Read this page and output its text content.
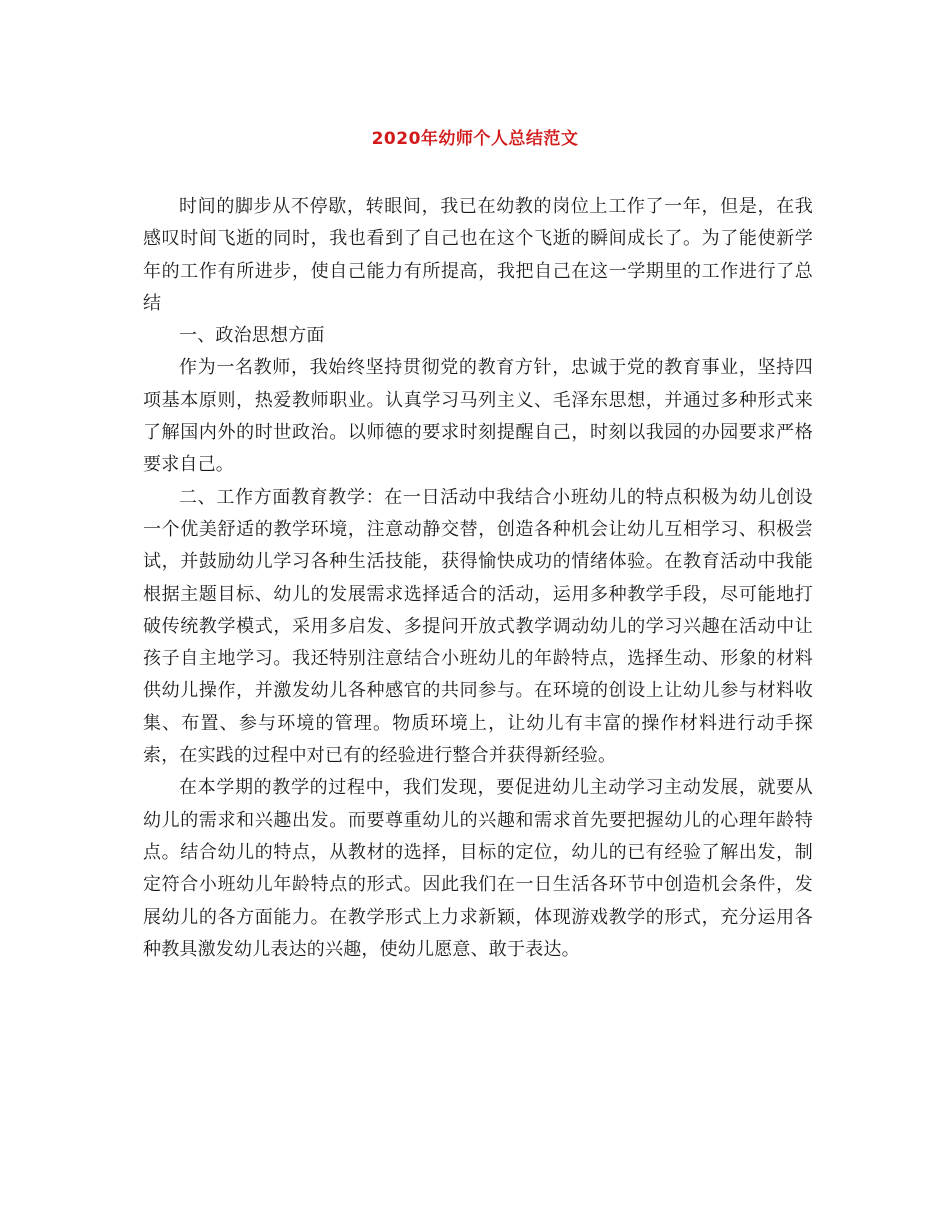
2020年幼师个人总结范文

时间的脚步从不停歇，转眼间，我已在幼教的岗位上工作了一年，但是，在我感叹时间飞逝的同时，我也看到了自己也在这个飞逝的瞬间成长了。为了能使新学年的工作有所进步，使自己能力有所提高，我把自己在这一学期里的工作进行了总结

一、政治思想方面

作为一名教师，我始终坚持贯彻党的教育方针，忠诚于党的教育事业，坚持四项基本原则，热爱教师职业。认真学习马列主义、毛泽东思想，并通过多种形式来了解国内外的时世政治。以师德的要求时刻提醒自己，时刻以我园的办园要求严格要求自己。

二、工作方面教育教学：在一日活动中我结合小班幼儿的特点积极为幼儿创设一个优美舒适的教学环境，注意动静交替，创造各种机会让幼儿互相学习、积极尝试，并鼓励幼儿学习各种生活技能，获得愉快成功的情绪体验。在教育活动中我能根据主题目标、幼儿的发展需求选择适合的活动，运用多种教学手段，尽可能地打破传统教学模式，采用多启发、多提问开放式教学调动幼儿的学习兴趣在活动中让孩子自主地学习。我还特别注意结合小班幼儿的年龄特点，选择生动、形象的材料供幼儿操作，并激发幼儿各种感官的共同参与。在环境的创设上让幼儿参与材料收集、布置、参与环境的管理。物质环境上，让幼儿有丰富的操作材料进行动手探索，在实践的过程中对已有的经验进行整合并获得新经验。

在本学期的教学的过程中，我们发现，要促进幼儿主动学习主动发展，就要从幼儿的需求和兴趣出发。而要尊重幼儿的兴趣和需求首先要把握幼儿的心理年龄特点。结合幼儿的特点，从教材的选择，目标的定位，幼儿的已有经验了解出发，制定符合小班幼儿年龄特点的形式。因此我们在一日生活各环节中创造机会条件，发展幼儿的各方面能力。在教学形式上力求新颖，体现游戏教学的形式，充分运用各种教具激发幼儿表达的兴趣，使幼儿愿意、敢于表达。
